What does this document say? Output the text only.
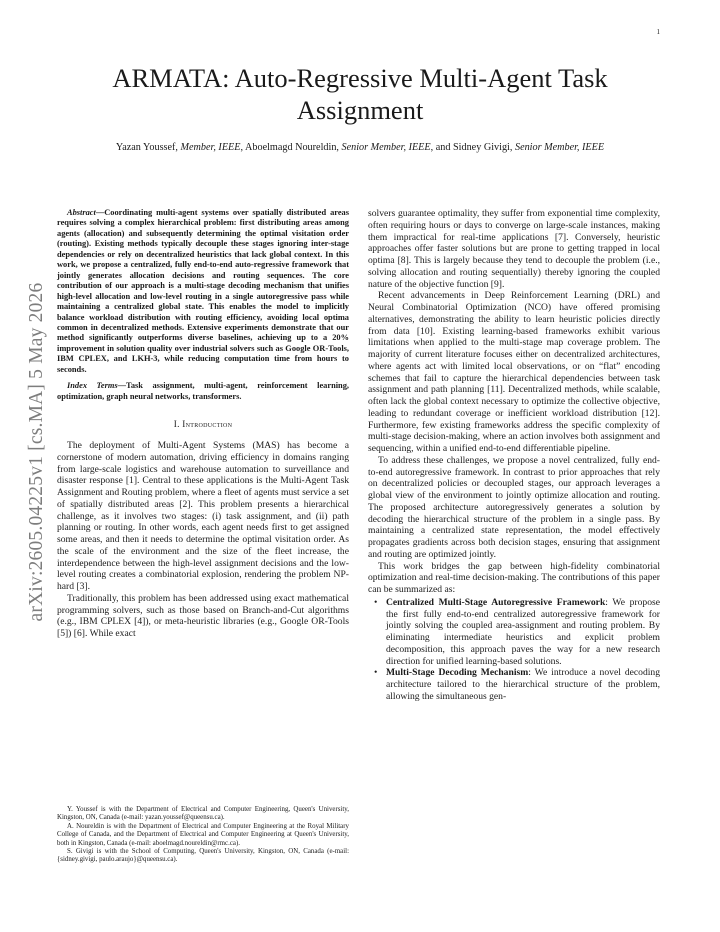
1
arXiv:2605.04225v1 [cs.MA] 5 May 2026
ARMATA: Auto-Regressive Multi-Agent Task Assignment
Yazan Youssef, Member, IEEE, Aboelmagd Noureldin, Senior Member, IEEE, and Sidney Givigi, Senior Member, IEEE

Abstract—Coordinating multi-agent systems over spatially distributed areas requires solving a complex hierarchical problem: first distributing areas among agents (allocation) and subsequently determining the optimal visitation order (routing). Existing methods typically decouple these stages ignoring inter-stage dependencies or rely on decentralized heuristics that lack global context. In this work, we propose a centralized, fully end-to-end auto-regressive framework that jointly generates allocation decisions and routing sequences. The core contribution of our approach is a multi-stage decoding mechanism that unifies high-level allocation and low-level routing in a single autoregressive pass while maintaining a centralized global state. This enables the model to implicitly balance workload distribution with routing efficiency, avoiding local optima common in decentralized methods. Extensive experiments demonstrate that our method significantly outperforms diverse baselines, achieving up to a 20% improvement in solution quality over industrial solvers such as Google OR-Tools, IBM CPLEX, and LKH-3, while reducing computation time from hours to seconds.

Index Terms—Task assignment, multi-agent, reinforcement learning, optimization, graph neural networks, transformers.

I. Introduction

The deployment of Multi-Agent Systems (MAS) has become a cornerstone of modern automation, driving efficiency in domains ranging from large-scale logistics and warehouse automation to surveillance and disaster response [1]. Central to these applications is the Multi-Agent Task Assignment and Routing problem, where a fleet of agents must service a set of spatially distributed areas [2]. This problem presents a hierarchical challenge, as it involves two stages: (i) task assignment, and (ii) path planning or routing. In other words, each agent needs first to get assigned some areas, and then it needs to determine the optimal visitation order. As the scale of the environment and the size of the fleet increase, the interdependence between the high-level assignment decisions and the low-level routing creates a combinatorial explosion, rendering the problem NP-hard [3].

Traditionally, this problem has been addressed using exact mathematical programming solvers, such as those based on Branch-and-Cut algorithms (e.g., IBM CPLEX [4]), or meta-heuristic libraries (e.g., Google OR-Tools [5]) [6]. While exact

Y. Youssef is with the Department of Electrical and Computer Engineering, Queen's University, Kingston, ON, Canada (e-mail: yazan.youssef@queensu.ca).

A. Noureldin is with the Department of Electrical and Computer Engineering at the Royal Military College of Canada, and the Department of Electrical and Computer Engineering at Queen's University, both in Kingston, Canada (e-mail: aboelmagd.noureldin@rmc.ca).

S. Givigi is with the School of Computing, Queen's University, Kingston, ON, Canada (e-mail: {sidney.givigi, paulo.araujo}@queensu.ca).

solvers guarantee optimality, they suffer from exponential time complexity, often requiring hours or days to converge on large-scale instances, making them impractical for real-time applications [7]. Conversely, heuristic approaches offer faster solutions but are prone to getting trapped in local optima [8]. This is largely because they tend to decouple the problem (i.e., solving allocation and routing sequentially) thereby ignoring the coupled nature of the objective function [9].

Recent advancements in Deep Reinforcement Learning (DRL) and Neural Combinatorial Optimization (NCO) have offered promising alternatives, demonstrating the ability to learn heuristic policies directly from data [10]. Existing learning-based frameworks exhibit various limitations when applied to the multi-stage map coverage problem. The majority of current literature focuses either on decentralized architectures, where agents act with limited local observations, or on “flat” encoding schemes that fail to capture the hierarchical dependencies between task assignment and path planning [11]. Decentralized methods, while scalable, often lack the global context necessary to optimize the collective objective, leading to redundant coverage or inefficient workload distribution [12]. Furthermore, few existing frameworks address the specific complexity of multi-stage decision-making, where an action involves both assignment and sequencing, within a unified end-to-end differentiable pipeline.

To address these challenges, we propose a novel centralized, fully end-to-end autoregressive framework. In contrast to prior approaches that rely on decentralized policies or decoupled stages, our approach leverages a global view of the environment to jointly optimize allocation and routing. The proposed architecture autoregressively generates a solution by decoding the hierarchical structure of the problem in a single pass. By maintaining a centralized state representation, the model effectively propagates gradients across both decision stages, ensuring that assignment and routing are optimized jointly.

This work bridges the gap between high-fidelity combinatorial optimization and real-time decision-making. The contributions of this paper can be summarized as:

• Centralized Multi-Stage Autoregressive Framework: We propose the first fully end-to-end centralized autoregressive framework for jointly solving the coupled area-assignment and routing problem. By eliminating intermediate heuristics and explicit problem decomposition, this approach paves the way for a new research direction for unified learning-based solutions.
• Multi-Stage Decoding Mechanism: We introduce a novel decoding architecture tailored to the hierarchical structure of the problem, allowing the simultaneous gen-
